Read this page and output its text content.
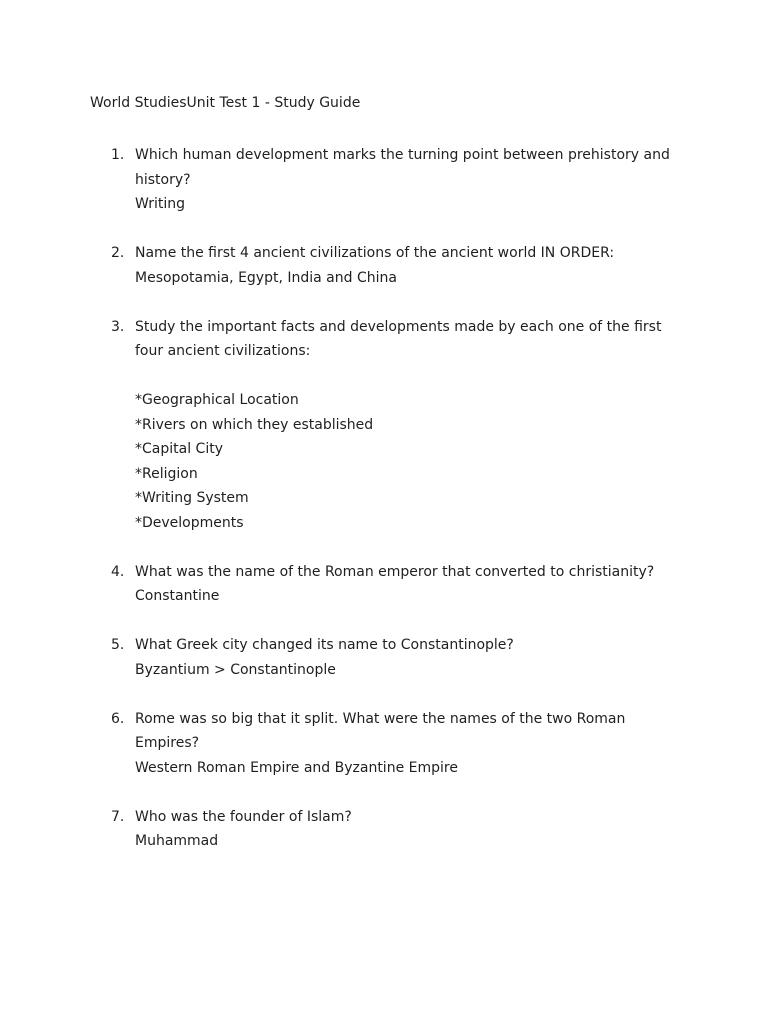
World StudiesUnit Test 1 - Study Guide
1. Which human development marks the turning point between prehistory and history?
Writing
2. Name the first 4 ancient civilizations of the ancient world IN ORDER:
Mesopotamia, Egypt, India and China
3. Study the important facts and developments made by each one of the first four ancient civilizations:
*Geographical Location
*Rivers on which they established
*Capital City
*Religion
*Writing System
*Developments
4. What was the name of the Roman emperor that converted to christianity?
Constantine
5. What Greek city changed its name to Constantinople?
Byzantium > Constantinople
6. Rome was so big that it split. What were the names of the two Roman Empires?
Western Roman Empire and Byzantine Empire
7. Who was the founder of Islam?
Muhammad
